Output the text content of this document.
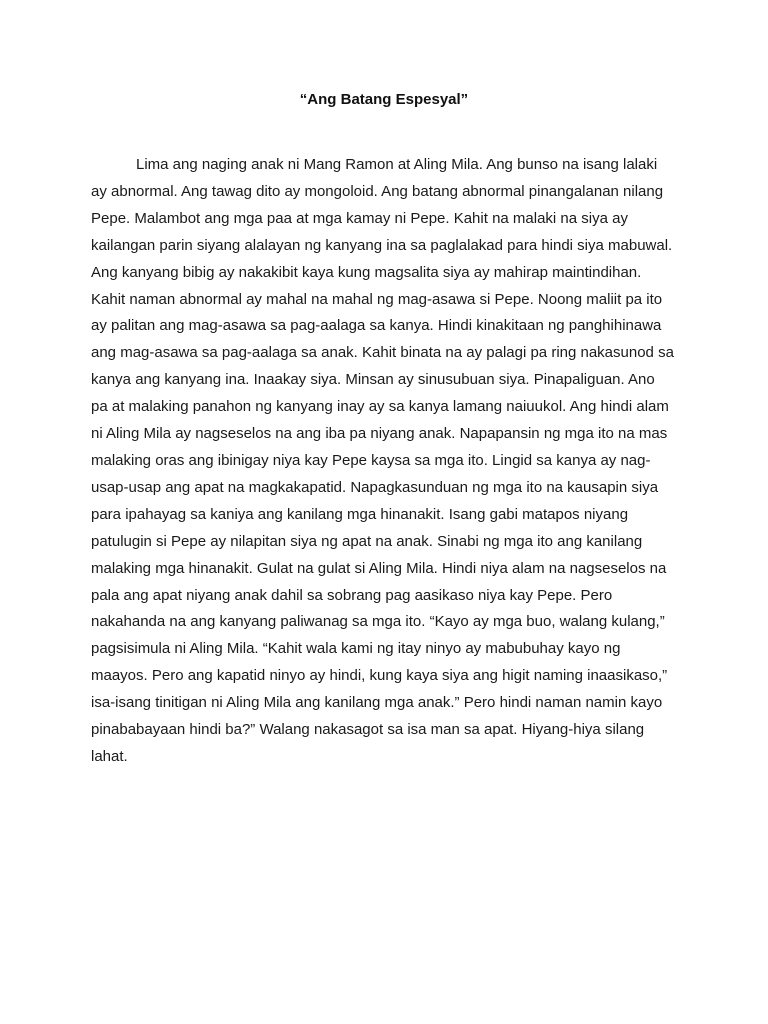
“Ang Batang Espesyal”
Lima ang naging anak ni Mang Ramon at Aling Mila. Ang bunso na isang lalaki
ay abnormal. Ang tawag dito ay mongoloid. Ang batang abnormal pinangalanan nilang
Pepe. Malambot ang mga paa at mga kamay ni Pepe. Kahit na malaki na siya ay
kailangan parin siyang alalayan ng kanyang ina sa paglalakad para hindi siya mabuwal.
Ang kanyang bibig ay nakakibit kaya kung magsalita siya ay mahirap maintindihan.
Kahit naman abnormal ay mahal na mahal ng mag-asawa si Pepe. Noong maliit pa ito
ay palitan ang mag-asawa sa pag-aalaga sa kanya. Hindi kinakitaan ng panghihinawa
ang mag-asawa sa pag-aalaga sa anak. Kahit binata na ay palagi pa ring nakasunod sa
kanya ang kanyang ina. Inaakay siya. Minsan ay sinusubuan siya. Pinapaliguan. Ano
pa at malaking panahon ng kanyang inay ay sa kanya lamang naiuukol. Ang hindi alam
ni Aling Mila ay nagseselos na ang iba pa niyang anak. Napapansin ng mga ito na mas
malaking oras ang ibinigay niya kay Pepe kaysa sa mga ito. Lingid sa kanya ay nag-
usap-usap ang apat na magkakapatid. Napagkasunduan ng mga ito na kausapin siya
para ipahayag sa kaniya ang kanilang mga hinanakit. Isang gabi matapos niyang
patulugin si Pepe ay nilapitan siya ng apat na anak. Sinabi ng mga ito ang kanilang
malaking mga hinanakit. Gulat na gulat si Aling Mila. Hindi niya alam na nagseselos na
pala ang apat niyang anak dahil sa sobrang pag aasikaso niya kay Pepe. Pero
nakahanda na ang kanyang paliwanag sa mga ito. “Kayo ay mga buo, walang kulang,”
pagsisimula ni Aling Mila. “Kahit wala kami ng itay ninyo ay mabubuhay kayo ng
maayos. Pero ang kapatid ninyo ay hindi, kung kaya siya ang higit naming inaasikaso,”
isa-isang tinitigan ni Aling Mila ang kanilang mga anak.” Pero hindi naman namin kayo
pinababayaan hindi ba?” Walang nakasagot sa isa man sa apat. Hiyang-hiya silang
lahat.
